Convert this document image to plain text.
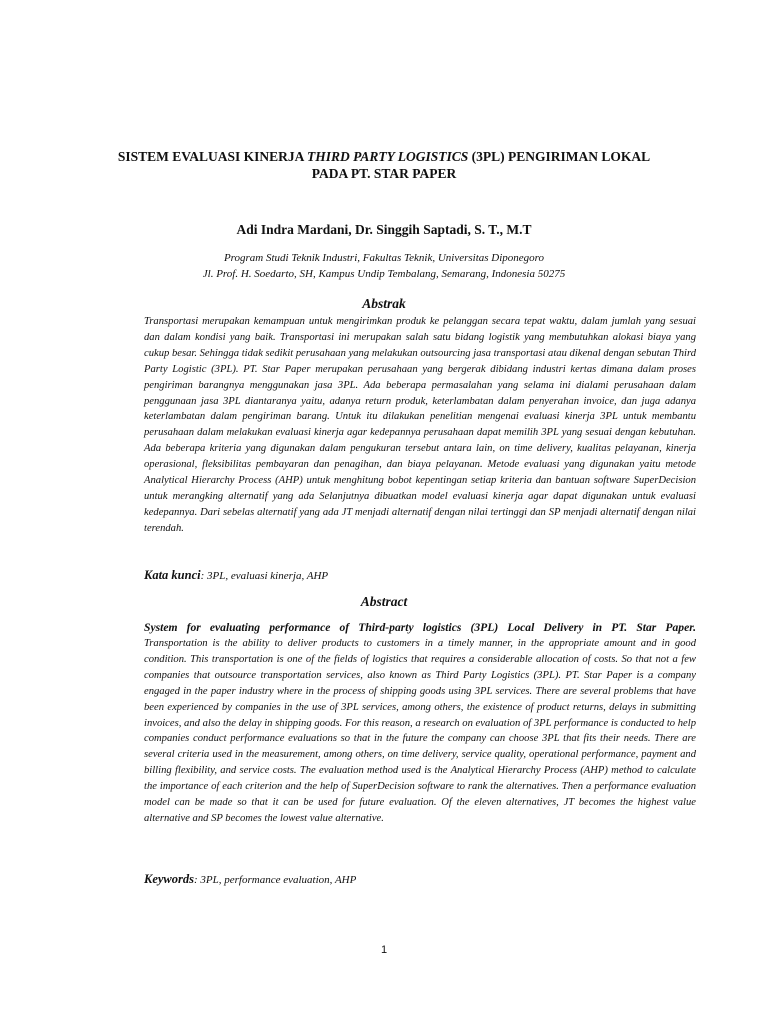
SISTEM EVALUASI KINERJA THIRD PARTY LOGISTICS (3PL) PENGIRIMAN LOKAL
PADA PT. STAR PAPER
Adi Indra Mardani, Dr. Singgih Saptadi, S. T., M.T
Program Studi Teknik Industri, Fakultas Teknik, Universitas Diponegoro
Jl. Prof. H. Soedarto, SH, Kampus Undip Tembalang, Semarang, Indonesia 50275
Abstrak
Transportasi merupakan kemampuan untuk mengirimkan produk ke pelanggan secara tepat waktu, dalam jumlah yang sesuai dan dalam kondisi yang baik. Transportasi ini merupakan salah satu bidang logistik yang membutuhkan alokasi biaya yang cukup besar. Sehingga tidak sedikit perusahaan yang melakukan outsourcing jasa transportasi atau dikenal dengan sebutan Third Party Logistic (3PL). PT. Star Paper merupakan perusahaan yang bergerak dibidang industri kertas dimana dalam proses pengiriman barangnya menggunakan jasa 3PL. Ada beberapa permasalahan yang selama ini dialami perusahaan dalam penggunaan jasa 3PL diantaranya yaitu, adanya return produk, keterlambatan dalam penyerahan invoice, dan juga adanya keterlambatan dalam pengiriman barang. Untuk itu dilakukan penelitian mengenai evaluasi kinerja 3PL untuk membantu perusahaan dalam melakukan evaluasi kinerja agar kedepannya perusahaan dapat memilih 3PL yang sesuai dengan kebutuhan. Ada beberapa kriteria yang digunakan dalam pengukuran tersebut antara lain, on time delivery, kualitas pelayanan, kinerja operasional, fleksibilitas pembayaran dan penagihan, dan biaya pelayanan. Metode evaluasi yang digunakan yaitu metode Analytical Hierarchy Process (AHP) untuk menghitung bobot kepentingan setiap kriteria dan bantuan software SuperDecision untuk merangking alternatif yang ada Selanjutnya dibuatkan model evaluasi kinerja agar dapat digunakan untuk evaluasi kedepannya. Dari sebelas alternatif yang ada JT menjadi alternatif dengan nilai tertinggi dan SP menjadi alternatif dengan nilai terendah.
Kata kunci: 3PL, evaluasi kinerja, AHP
Abstract
System for evaluating performance of Third-party logistics (3PL) Local Delivery in PT. Star Paper.
Transportation is the ability to deliver products to customers in a timely manner, in the appropriate amount and in good condition. This transportation is one of the fields of logistics that requires a considerable allocation of costs. So that not a few companies that outsource transportation services, also known as Third Party Logistics (3PL). PT. Star Paper is a company engaged in the paper industry where in the process of shipping goods using 3PL services. There are several problems that have been experienced by companies in the use of 3PL services, among others, the existence of product returns, delays in submitting invoices, and also the delay in shipping goods. For this reason, a research on evaluation of 3PL performance is conducted to help companies conduct performance evaluations so that in the future the company can choose 3PL that fits their needs. There are several criteria used in the measurement, among others, on time delivery, service quality, operational performance, payment and billing flexibility, and service costs. The evaluation method used is the Analytical Hierarchy Process (AHP) method to calculate the importance of each criterion and the help of SuperDecision software to rank the alternatives. Then a performance evaluation model can be made so that it can be used for future evaluation. Of the eleven alternatives, JT becomes the highest value alternative and SP becomes the lowest value alternative.
Keywords: 3PL, performance evaluation, AHP
1
